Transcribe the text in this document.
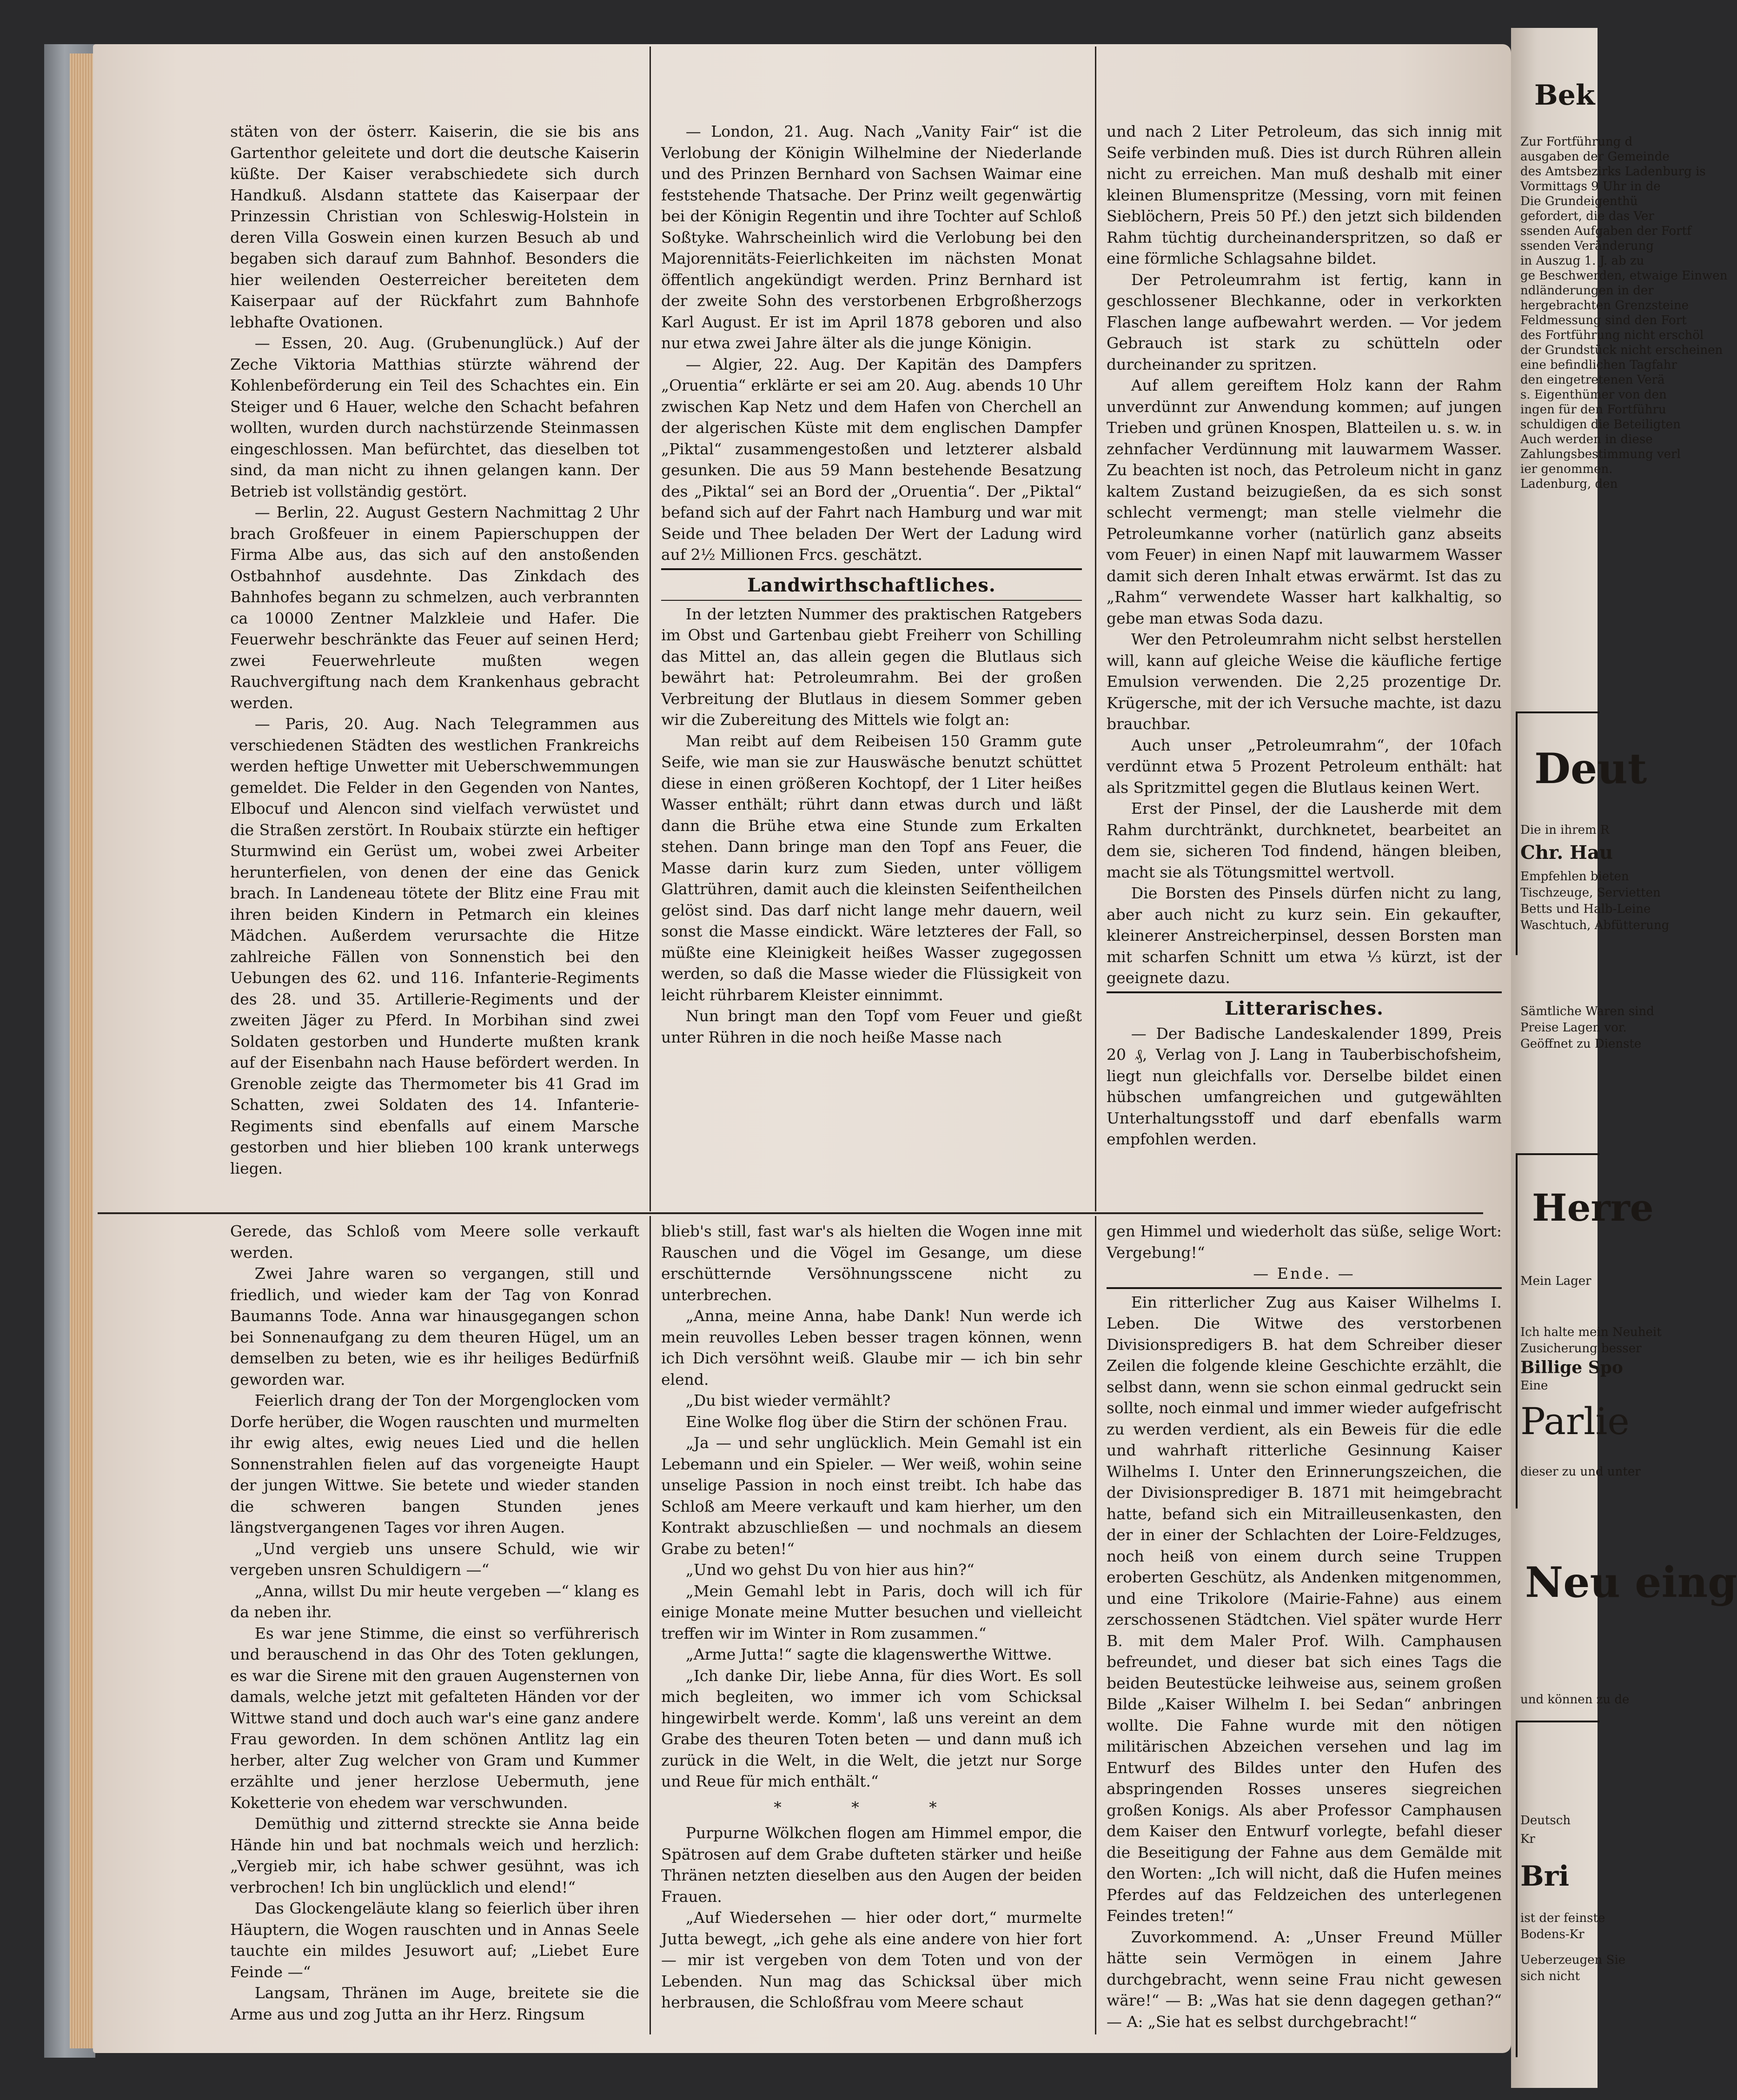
stäten von der österr. Kaiserin, die sie bis ans Gartenthor geleitete und dort die deutsche Kaiserin küßte. Der Kaiser verabschiedete sich durch Handkuß. Alsdann stattete das Kaiserpaar der Prinzessin Christian von Schleswig-Holstein in deren Villa Goswein einen kurzen Besuch ab und begaben sich darauf zum Bahnhof. Besonders die hier weilenden Oesterreicher bereiteten dem Kaiserpaar auf der Rückfahrt zum Bahnhofe lebhafte Ovationen.

— Essen, 20. Aug. (Grubenunglück.) Auf der Zeche Viktoria Matthias stürzte während der Kohlenbeförderung ein Teil des Schachtes ein. Ein Steiger und 6 Hauer, welche den Schacht befahren wollten, wurden durch nachstürzende Steinmassen eingeschlossen. Man befürchtet, das dieselben tot sind, da man nicht zu ihnen gelangen kann. Der Betrieb ist vollständig gestört.

— Berlin, 22. August Gestern Nachmittag 2 Uhr brach Großfeuer in einem Papierschuppen der Firma Albe aus, das sich auf den anstoßenden Ostbahnhof ausdehnte. Das Zinkdach des Bahnhofes begann zu schmelzen, auch verbrannten ca 10000 Zentner Malzkleie und Hafer. Die Feuerwehr beschränkte das Feuer auf seinen Herd; zwei Feuerwehrleute mußten wegen Rauchvergiftung nach dem Krankenhaus gebracht werden.

— Paris, 20. Aug. Nach Telegrammen aus verschiedenen Städten des westlichen Frankreichs werden heftige Unwetter mit Ueberschwemmungen gemeldet. Die Felder in den Gegenden von Nantes, Elbocuf und Alencon sind vielfach verwüstet und die Straßen zerstört. In Roubaix stürzte ein heftiger Sturmwind ein Gerüst um, wobei zwei Arbeiter herunterfielen, von denen der eine das Genick brach. In Landeneau tötete der Blitz eine Frau mit ihren beiden Kindern in Petmarch ein kleines Mädchen. Außerdem verursachte die Hitze zahlreiche Fällen von Sonnenstich bei den Uebungen des 62. und 116. Infanterie-Regiments des 28. und 35. Artillerie-Regiments und der zweiten Jäger zu Pferd. In Morbihan sind zwei Soldaten gestorben und Hunderte mußten krank auf der Eisenbahn nach Hause befördert werden. In Grenoble zeigte das Thermometer bis 41 Grad im Schatten, zwei Soldaten des 14. Infanterie-Regiments sind ebenfalls auf einem Marsche gestorben und hier blieben 100 krank unterwegs liegen.

— London, 21. Aug. Nach „Vanity Fair“ ist die Verlobung der Königin Wilhelmine der Niederlande und des Prinzen Bernhard von Sachsen Waimar eine feststehende Thatsache. Der Prinz weilt gegenwärtig bei der Königin Regentin und ihre Tochter auf Schloß Soßtyke. Wahrscheinlich wird die Verlobung bei den Majorennitäts-Feierlichkeiten im nächsten Monat öffentlich angekündigt werden. Prinz Bernhard ist der zweite Sohn des verstorbenen Erbgroßherzogs Karl August. Er ist im April 1878 geboren und also nur etwa zwei Jahre älter als die junge Königin.

— Algier, 22. Aug. Der Kapitän des Dampfers „Oruentia“ erklärte er sei am 20. Aug. abends 10 Uhr zwischen Kap Netz und dem Hafen von Cherchell an der algerischen Küste mit dem englischen Dampfer „Piktal“ zusammengestoßen und letzterer alsbald gesunken. Die aus 59 Mann bestehende Besatzung des „Piktal“ sei an Bord der „Oruentia“. Der „Piktal“ befand sich auf der Fahrt nach Hamburg und war mit Seide und Thee beladen Der Wert der Ladung wird auf 2½ Millionen Frcs. geschätzt.

Landwirthschaftliches.

In der letzten Nummer des praktischen Ratgebers im Obst und Gartenbau giebt Freiherr von Schilling das Mittel an, das allein gegen die Blutlaus sich bewährt hat: Petroleumrahm. Bei der großen Verbreitung der Blutlaus in diesem Sommer geben wir die Zubereitung des Mittels wie folgt an:

Man reibt auf dem Reibeisen 150 Gramm gute Seife, wie man sie zur Hauswäsche benutzt schüttet diese in einen größeren Kochtopf, der 1 Liter heißes Wasser enthält; rührt dann etwas durch und läßt dann die Brühe etwa eine Stunde zum Erkalten stehen. Dann bringe man den Topf ans Feuer, die Masse darin kurz zum Sieden, unter völligem Glattrühren, damit auch die kleinsten Seifentheilchen gelöst sind. Das darf nicht lange mehr dauern, weil sonst die Masse eindickt. Wäre letzteres der Fall, so müßte eine Kleinigkeit heißes Wasser zugegossen werden, so daß die Masse wieder die Flüssigkeit von leicht rührbarem Kleister einnimmt.

Nun bringt man den Topf vom Feuer und gießt unter Rühren in die noch heiße Masse nach

und nach 2 Liter Petroleum, das sich innig mit Seife verbinden muß. Dies ist durch Rühren allein nicht zu erreichen. Man muß deshalb mit einer kleinen Blumenspritze (Messing, vorn mit feinen Sieblöchern, Preis 50 Pf.) den jetzt sich bildenden Rahm tüchtig durcheinanderspritzen, so daß er eine förmliche Schlagsahne bildet.

Der Petroleumrahm ist fertig, kann in geschlossener Blechkanne, oder in verkorkten Flaschen lange aufbewahrt werden. — Vor jedem Gebrauch ist stark zu schütteln oder durcheinander zu spritzen.

Auf allem gereiftem Holz kann der Rahm unverdünnt zur Anwendung kommen; auf jungen Trieben und grünen Knospen, Blatteilen u. s. w. in zehnfacher Verdünnung mit lauwarmem Wasser. Zu beachten ist noch, das Petroleum nicht in ganz kaltem Zustand beizugießen, da es sich sonst schlecht vermengt; man stelle vielmehr die Petroleumkanne vorher (natürlich ganz abseits vom Feuer) in einen Napf mit lauwarmem Wasser damit sich deren Inhalt etwas erwärmt. Ist das zu „Rahm“ verwendete Wasser hart kalkhaltig, so gebe man etwas Soda dazu.

Wer den Petroleumrahm nicht selbst herstellen will, kann auf gleiche Weise die käufliche fertige Emulsion verwenden. Die 2,25 prozentige Dr. Krügersche, mit der ich Versuche machte, ist dazu brauchbar.

Auch unser „Petroleumrahm“, der 10fach verdünnt etwa 5 Prozent Petroleum enthält: hat als Spritzmittel gegen die Blutlaus keinen Wert.

Erst der Pinsel, der die Lausherde mit dem Rahm durchtränkt, durchknetet, bearbeitet an dem sie, sicheren Tod findend, hängen bleiben, macht sie als Tötungsmittel wertvoll.

Die Borsten des Pinsels dürfen nicht zu lang, aber auch nicht zu kurz sein. Ein gekaufter, kleinerer Anstreicherpinsel, dessen Borsten man mit scharfen Schnitt um etwa ⅓ kürzt, ist der geeignete dazu.

Litterarisches.

— Der Badische Landeskalender 1899, Preis 20 ₰, Verlag von J. Lang in Tauberbischofsheim, liegt nun gleichfalls vor. Derselbe bildet einen hübschen umfangreichen und gutgewählten Unterhaltungsstoff und darf ebenfalls warm empfohlen werden.

Gerede, das Schloß vom Meere solle verkauft werden.

Zwei Jahre waren so vergangen, still und friedlich, und wieder kam der Tag von Konrad Baumanns Tode. Anna war hinausgegangen schon bei Sonnenaufgang zu dem theuren Hügel, um an demselben zu beten, wie es ihr heiliges Bedürfniß geworden war.

Feierlich drang der Ton der Morgenglocken vom Dorfe herüber, die Wogen rauschten und murmelten ihr ewig altes, ewig neues Lied und die hellen Sonnenstrahlen fielen auf das vorgeneigte Haupt der jungen Wittwe. Sie betete und wieder standen die schweren bangen Stunden jenes längstvergangenen Tages vor ihren Augen.

„Und vergieb uns unsere Schuld, wie wir vergeben unsren Schuldigern —“

„Anna, willst Du mir heute vergeben —“ klang es da neben ihr.

Es war jene Stimme, die einst so verführerisch und berauschend in das Ohr des Toten geklungen, es war die Sirene mit den grauen Augensternen von damals, welche jetzt mit gefalteten Händen vor der Wittwe stand und doch auch war's eine ganz andere Frau geworden. In dem schönen Antlitz lag ein herber, alter Zug welcher von Gram und Kummer erzählte und jener herzlose Uebermuth, jene Koketterie von ehedem war verschwunden.

Demüthig und zitternd streckte sie Anna beide Hände hin und bat nochmals weich und herzlich: „Vergieb mir, ich habe schwer gesühnt, was ich verbrochen! Ich bin unglücklich und elend!“

Das Glockengeläute klang so feierlich über ihren Häuptern, die Wogen rauschten und in Annas Seele tauchte ein mildes Jesuwort auf; „Liebet Eure Feinde —“

Langsam, Thränen im Auge, breitete sie die Arme aus und zog Jutta an ihr Herz. Ringsum

blieb's still, fast war's als hielten die Wogen inne mit Rauschen und die Vögel im Gesange, um diese erschütternde Versöhnungsscene nicht zu unterbrechen.

„Anna, meine Anna, habe Dank! Nun werde ich mein reuvolles Leben besser tragen können, wenn ich Dich versöhnt weiß. Glaube mir — ich bin sehr elend.

„Du bist wieder vermählt?

Eine Wolke flog über die Stirn der schönen Frau.

„Ja — und sehr unglücklich. Mein Gemahl ist ein Lebemann und ein Spieler. — Wer weiß, wohin seine unselige Passion in noch einst treibt. Ich habe das Schloß am Meere verkauft und kam hierher, um den Kontrakt abzuschließen — und nochmals an diesem Grabe zu beten!“

„Und wo gehst Du von hier aus hin?“

„Mein Gemahl lebt in Paris, doch will ich für einige Monate meine Mutter besuchen und vielleicht treffen wir im Winter in Rom zusammen.“

„Arme Jutta!“ sagte die klagenswerthe Wittwe.

„Ich danke Dir, liebe Anna, für dies Wort. Es soll mich begleiten, wo immer ich vom Schicksal hingewirbelt werde. Komm', laß uns vereint an dem Grabe des theuren Toten beten — und dann muß ich zurück in die Welt, in die Welt, die jetzt nur Sorge und Reue für mich enthält.“

* * *

Purpurne Wölkchen flogen am Himmel empor, die Spätrosen auf dem Grabe dufteten stärker und heiße Thränen netzten dieselben aus den Augen der beiden Frauen.

„Auf Wiedersehen — hier oder dort,“ murmelte Jutta bewegt, „ich gehe als eine andere von hier fort — mir ist vergeben von dem Toten und von der Lebenden. Nun mag das Schicksal über mich herbrausen, die Schloßfrau vom Meere schaut

gen Himmel und wiederholt das süße, selige Wort: Vergebung!“

— Ende. —

Ein ritterlicher Zug aus Kaiser Wilhelms I. Leben. Die Witwe des verstorbenen Divisionspredigers B. hat dem Schreiber dieser Zeilen die folgende kleine Geschichte erzählt, die selbst dann, wenn sie schon einmal gedruckt sein sollte, noch einmal und immer wieder aufgefrischt zu werden verdient, als ein Beweis für die edle und wahrhaft ritterliche Gesinnung Kaiser Wilhelms I. Unter den Erinnerungszeichen, die der Divisionsprediger B. 1871 mit heimgebracht hatte, befand sich ein Mitrailleusenkasten, den der in einer der Schlachten der Loire-Feldzuges, noch heiß von einem durch seine Truppen eroberten Geschütz, als Andenken mitgenommen, und eine Trikolore (Mairie-Fahne) aus einem zerschossenen Städtchen. Viel später wurde Herr B. mit dem Maler Prof. Wilh. Camphausen befreundet, und dieser bat sich eines Tags die beiden Beutestücke leihweise aus, seinem großen Bilde „Kaiser Wilhelm I. bei Sedan“ anbringen wollte. Die Fahne wurde mit den nötigen militärischen Abzeichen versehen und lag im Entwurf des Bildes unter den Hufen des abspringenden Rosses unseres siegreichen großen Konigs. Als aber Professor Camphausen dem Kaiser den Entwurf vorlegte, befahl dieser die Beseitigung der Fahne aus dem Gemälde mit den Worten: „Ich will nicht, daß die Hufen meines Pferdes auf das Feldzeichen des unterlegenen Feindes treten!“

Zuvorkommend. A: „Unser Freund Müller hätte sein Vermögen in einem Jahre durchgebracht, wenn seine Frau nicht gewesen wäre!“ — B: „Was hat sie denn dagegen gethan?“ — A: „Sie hat es selbst durchgebracht!“

Bek
Zur Fortführung d
ausgaben der Gemeinde
des Amtsbezirks Ladenburg is
Vormittags 9 Uhr in de
Die Grundeigenthü
gefordert, die das Ver
ssenden Aufgaben der Fortf
ssenden Veränderung
in Auszug 1. J. ab zu
ge Beschwerden, etwaige Einwen
ndländerungen in der
hergebrachten Grenzsteine
Feldmessung sind den Fort
des Fortführung nicht erschöl
der Grundstück nicht erscheinen
eine befindlichen Tagfahr
den eingetretenen Verä
s. Eigenthümer von den
ingen für den Fortführu
schuldigen die Beteiligten
Auch werden in diese
Zahlungsbestimmung verl
ier genommen.
Ladenburg, den
Deut
Die in ihrem R
Chr. Hau
Empfehlen bieten
Tischzeuge, Servietten
Betts und Halb-Leine
Waschtuch, Abfütterung
Sämtliche Waren sind
Preise Lagen vor.
Geöffnet zu Dienste
Herre
Mein Lager
Ich halte mein Neuheit
Zusicherung besser
Billige Spo
Eine
Parlie
dieser zu und unter
Neu eing
und können zu de
Deutsch
Kr
Bri
ist der feinste
Bodens-Kr
Ueberzeugen Sie
sich nicht
